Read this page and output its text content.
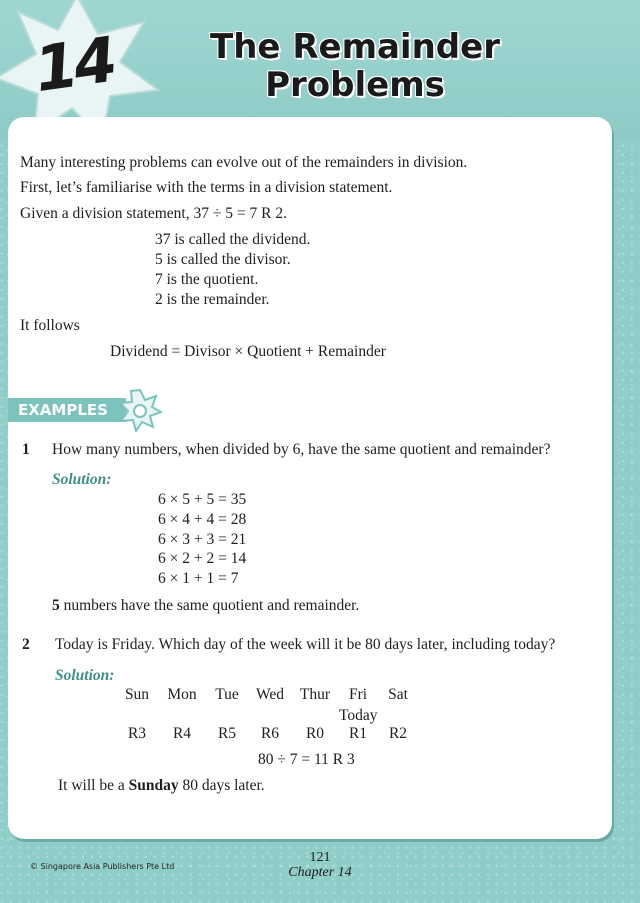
14	The Remainder
Problems
Many interesting problems can evolve out of the remainders in division.
First, let’s familiarise with the terms in a division statement.
Given a division statement, 37 ÷ 5 = 7 R 2.
37 is called the dividend.
5 is called the divisor.
7 is the quotient.
2 is the remainder.
It follows
Dividend = Divisor × Quotient + Remainder
EXAMPLES
1 How many numbers, when divided by 6, have the same quotient and remainder?
Solution:
6 × 5 + 5 = 35
6 × 4 + 4 = 28
6 × 3 + 3 = 21
6 × 2 + 2 = 14
6 × 1 + 1 = 7
5 numbers have the same quotient and remainder.
2 Today is Friday. Which day of the week will it be 80 days later, including today?
Solution:
Sun	Mon	Tue	Wed	Thur	Fri	Sat
Today
R3	R4	R5	R6	R0	R1	R2
80 ÷ 7 = 11 R 3
It will be a Sunday 80 days later.
© Singapore Asia Publishers Pte Ltd
121
Chapter 14
